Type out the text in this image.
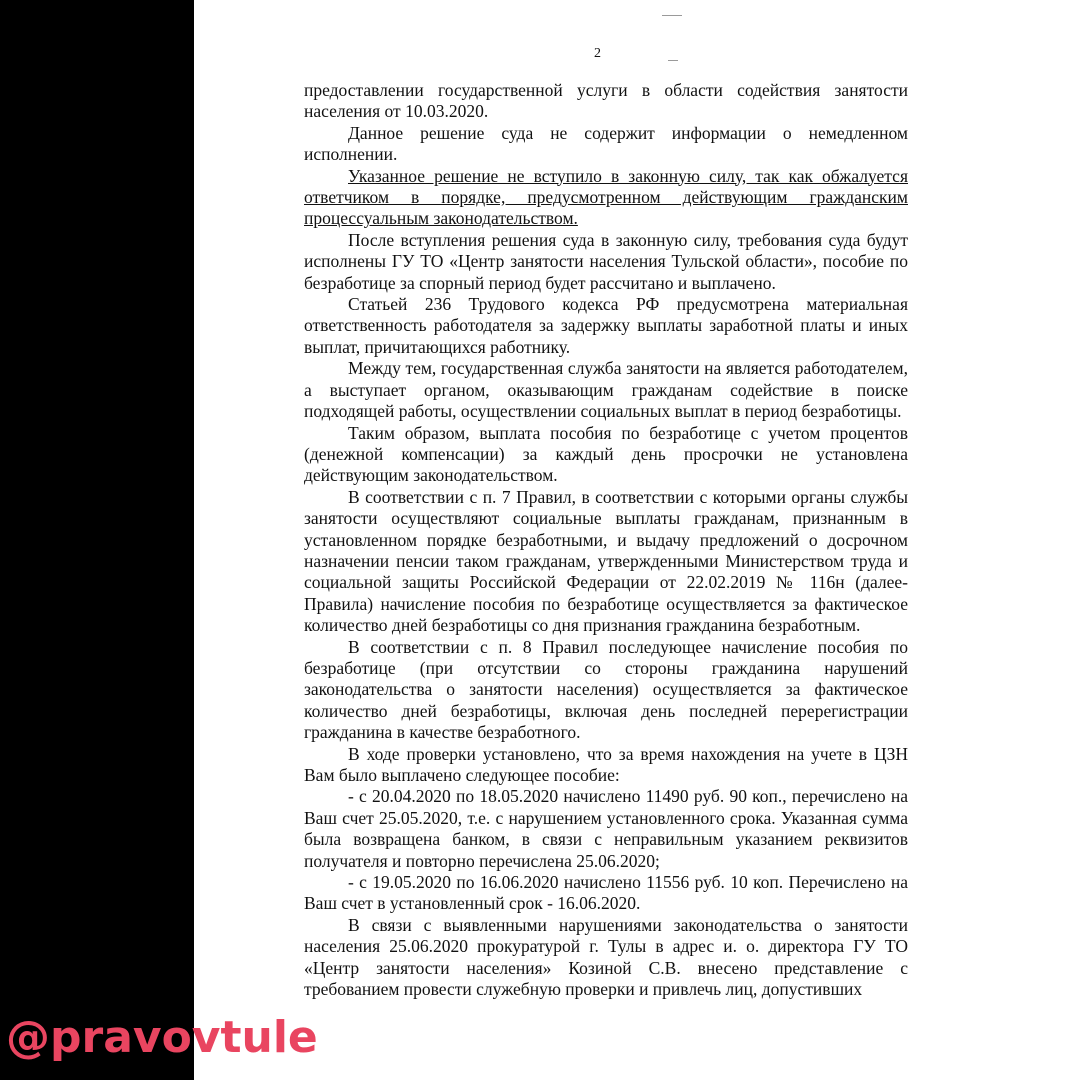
2

предоставлении государственной услуги в области содействия занятости населения от 10.03.2020.

Данное решение суда не содержит информации о немедленном исполнении.

Указанное решение не вступило в законную силу, так как обжалуется ответчиком в порядке, предусмотренном действующим гражданским процессуальным законодательством.

После вступления решения суда в законную силу, требования суда будут исполнены ГУ ТО «Центр занятости населения Тульской области», пособие по безработице за спорный период будет рассчитано и выплачено.

Статьей 236 Трудового кодекса РФ предусмотрена материальная ответственность работодателя за задержку выплаты заработной платы и иных выплат, причитающихся работнику.

Между тем, государственная служба занятости на является работодателем, а выступает органом, оказывающим гражданам содействие в поиске подходящей работы, осуществлении социальных выплат в период безработицы.

Таким образом, выплата пособия по безработице с учетом процентов (денежной компенсации) за каждый день просрочки не установлена действующим законодательством.

В соответствии с п. 7 Правил, в соответствии с которыми органы службы занятости осуществляют социальные выплаты гражданам, признанным в установленном порядке безработными, и выдачу предложений о досрочном назначении пенсии таком гражданам, утвержденными Министерством труда и социальной защиты Российской Федерации от 22.02.2019 № 116н (далее-Правила) начисление пособия по безработице осуществляется за фактическое количество дней безработицы со дня признания гражданина безработным.

В соответствии с п. 8 Правил последующее начисление пособия по безработице (при отсутствии со стороны гражданина нарушений законодательства о занятости населения) осуществляется за фактическое количество дней безработицы, включая день последней перерегистрации гражданина в качестве безработного.

В ходе проверки установлено, что за время нахождения на учете в ЦЗН Вам было выплачено следующее пособие:

- с 20.04.2020 по 18.05.2020 начислено 11490 руб. 90 коп., перечислено на Ваш счет 25.05.2020, т.е. с нарушением установленного срока. Указанная сумма была возвращена банком, в связи с неправильным указанием реквизитов получателя и повторно перечислена 25.06.2020;

- с 19.05.2020 по 16.06.2020 начислено 11556 руб. 10 коп. Перечислено на Ваш счет в установленный срок - 16.06.2020.

В связи с выявленными нарушениями законодательства о занятости населения 25.06.2020 прокуратурой г. Тулы в адрес и. о. директора ГУ ТО «Центр занятости населения» Козиной С.В. внесено представление с требованием провести служебную проверки и привлечь лиц, допустивших

@pravovtule
